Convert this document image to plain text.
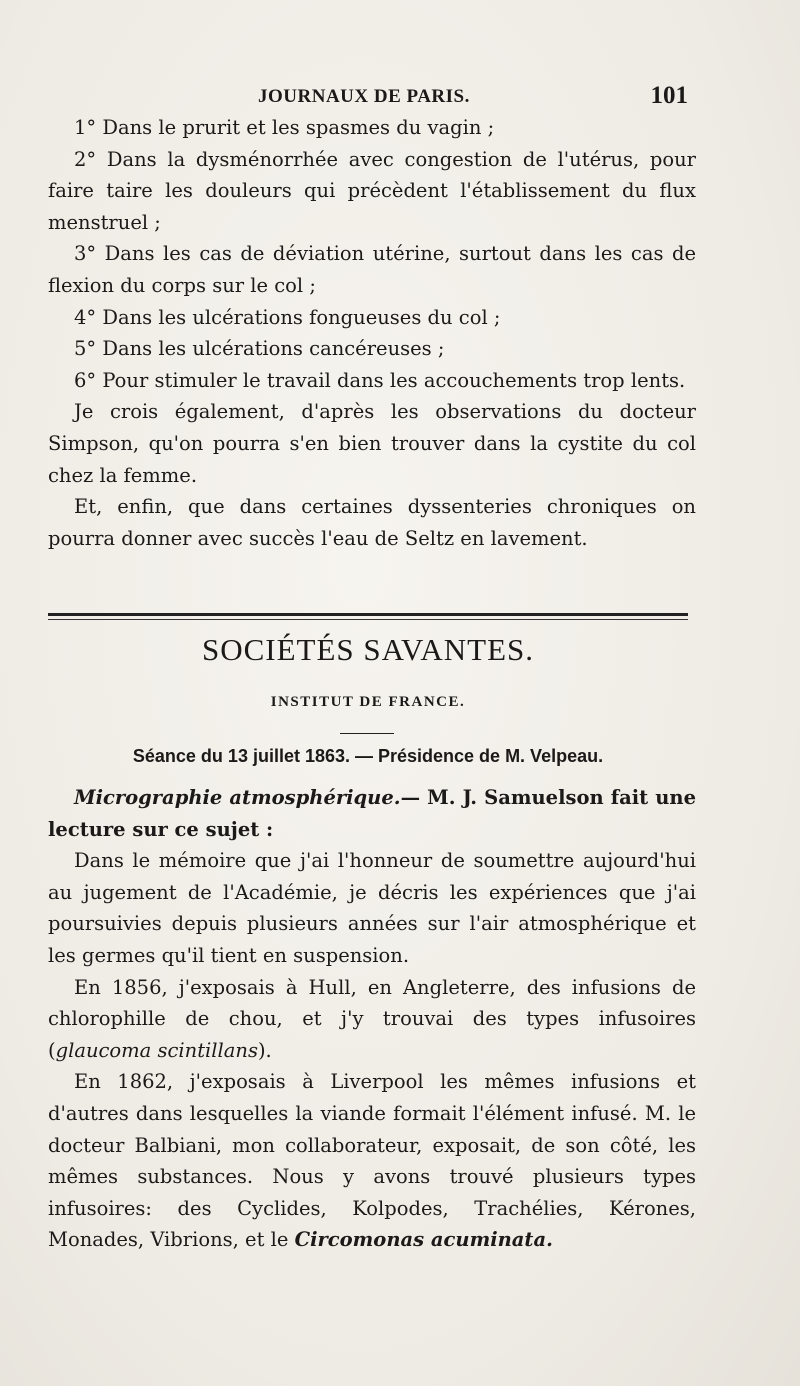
JOURNAUX DE PARIS.	101

1° Dans le prurit et les spasmes du vagin ;

2° Dans la dysménorrhée avec congestion de l'utérus, pour faire taire les douleurs qui précèdent l'établissement du flux menstruel ;

3° Dans les cas de déviation utérine, surtout dans les cas de flexion du corps sur le col ;

4° Dans les ulcérations fongueuses du col ;

5° Dans les ulcérations cancéreuses ;

6° Pour stimuler le travail dans les accouchements trop lents.

Je crois également, d'après les observations du docteur Simpson, qu'on pourra s'en bien trouver dans la cystite du col chez la femme.

Et, enfin, que dans certaines dyssenteries chroniques on pourra donner avec succès l'eau de Seltz en lavement.

SOCIÉTÉS SAVANTES.
INSTITUT DE FRANCE.
Séance du 13 juillet 1863. — Présidence de M. Velpeau.

Micrographie atmosphérique.— M. J. Samuelson fait une lecture sur ce sujet :

Dans le mémoire que j'ai l'honneur de soumettre aujourd'hui au jugement de l'Académie, je décris les expériences que j'ai poursuivies depuis plusieurs années sur l'air atmosphérique et les germes qu'il tient en suspension.

En 1856, j'exposais à Hull, en Angleterre, des infusions de chlorophille de chou, et j'y trouvai des types infusoires (glaucoma scintillans).

En 1862, j'exposais à Liverpool les mêmes infusions et d'autres dans lesquelles la viande formait l'élément infusé. M. le docteur Balbiani, mon collaborateur, exposait, de son côté, les mêmes substances. Nous y avons trouvé plusieurs types infusoires: des Cyclides, Kolpodes, Trachélies, Kérones, Monades, Vibrions, et le Circomonas acuminata.
